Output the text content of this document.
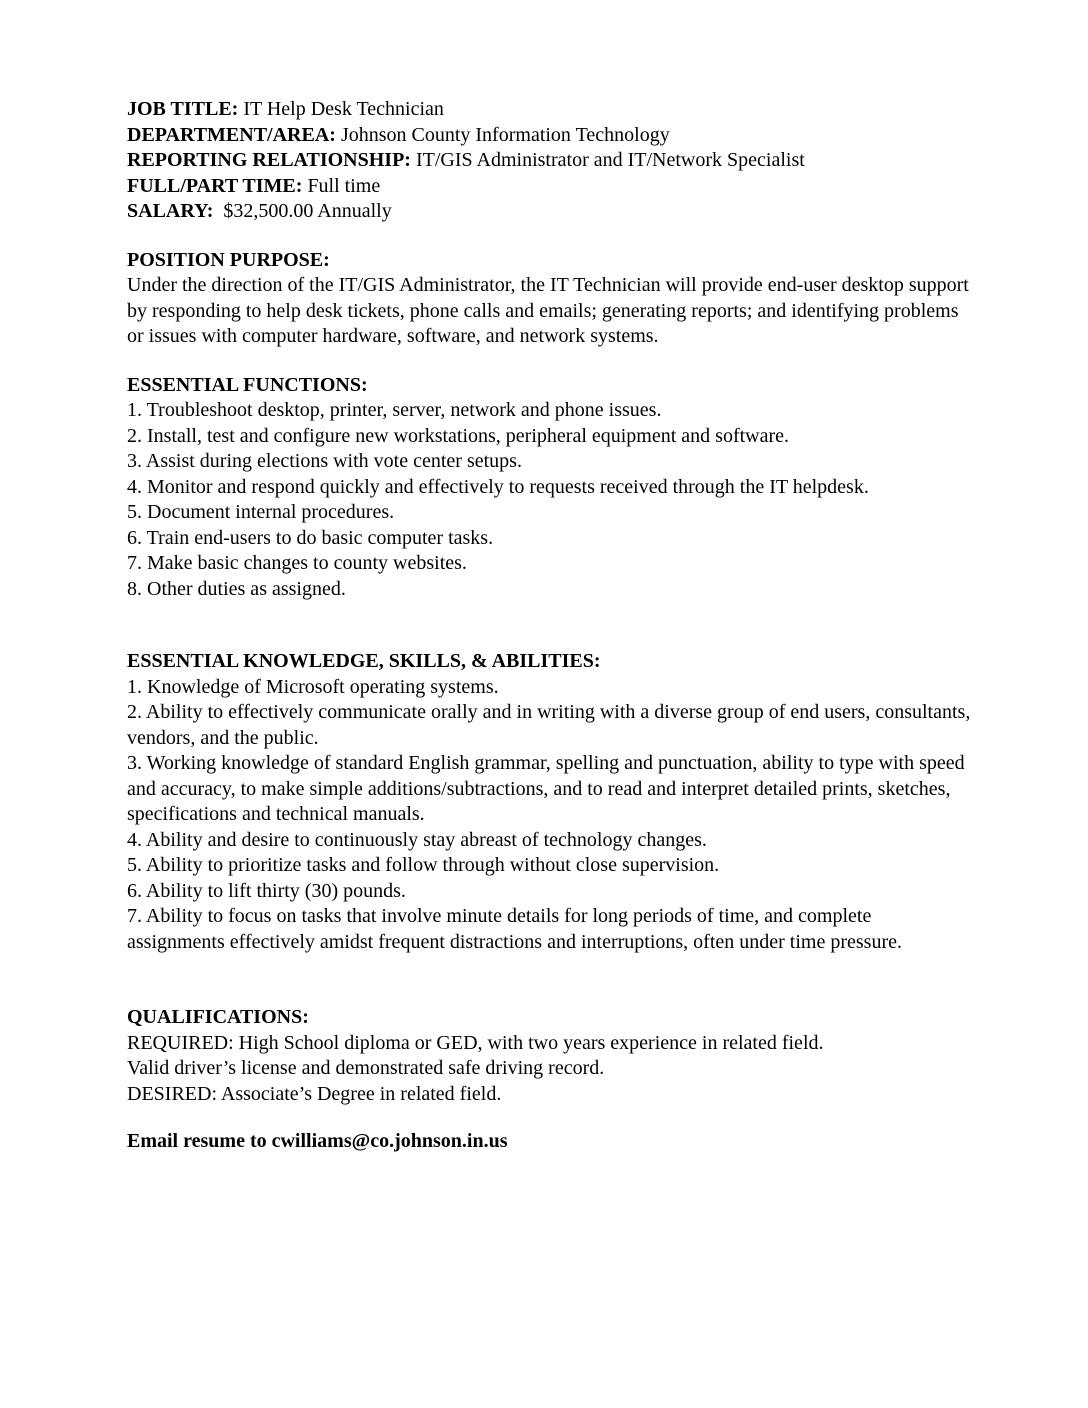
JOB TITLE: IT Help Desk Technician
DEPARTMENT/AREA: Johnson County Information Technology
REPORTING RELATIONSHIP: IT/GIS Administrator and IT/Network Specialist
FULL/PART TIME: Full time
SALARY:  $32,500.00 Annually
POSITION PURPOSE:
Under the direction of the IT/GIS Administrator, the IT Technician will provide end-user desktop support by responding to help desk tickets, phone calls and emails; generating reports; and identifying problems or issues with computer hardware, software, and network systems.
ESSENTIAL FUNCTIONS:
1. Troubleshoot desktop, printer, server, network and phone issues.
2. Install, test and configure new workstations, peripheral equipment and software.
3. Assist during elections with vote center setups.
4. Monitor and respond quickly and effectively to requests received through the IT helpdesk.
5. Document internal procedures.
6. Train end-users to do basic computer tasks.
7. Make basic changes to county websites.
8. Other duties as assigned.
ESSENTIAL KNOWLEDGE, SKILLS, & ABILITIES:
1. Knowledge of Microsoft operating systems.
2. Ability to effectively communicate orally and in writing with a diverse group of end users, consultants, vendors, and the public.
3. Working knowledge of standard English grammar, spelling and punctuation, ability to type with speed and accuracy, to make simple additions/subtractions, and to read and interpret detailed prints, sketches, specifications and technical manuals.
4. Ability and desire to continuously stay abreast of technology changes.
5. Ability to prioritize tasks and follow through without close supervision.
6. Ability to lift thirty (30) pounds.
7. Ability to focus on tasks that involve minute details for long periods of time, and complete assignments effectively amidst frequent distractions and interruptions, often under time pressure.
QUALIFICATIONS:
REQUIRED: High School diploma or GED, with two years experience in related field.
Valid driver’s license and demonstrated safe driving record.
DESIRED: Associate’s Degree in related field.
Email resume to cwilliams@co.johnson.in.us
